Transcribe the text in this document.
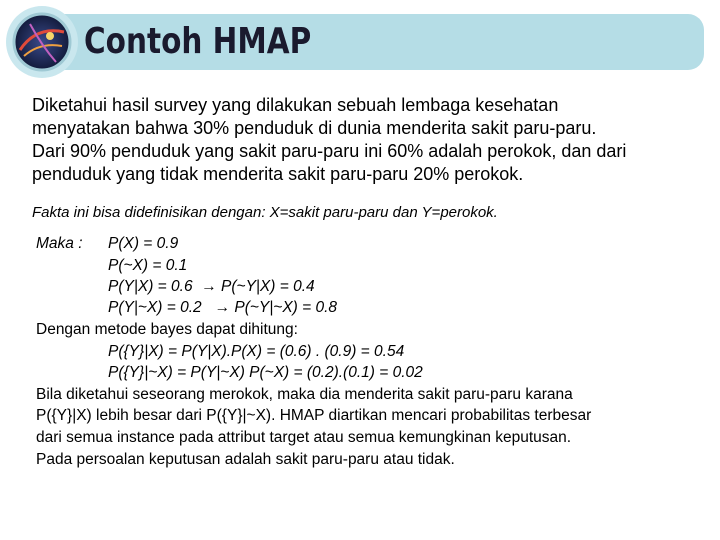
Contoh HMAP

Diketahui hasil survey yang dilakukan sebuah lembaga kesehatan
menyatakan bahwa 30% penduduk di dunia menderita sakit paru-paru.
Dari 90% penduduk yang sakit paru-paru ini 60% adalah perokok, dan dari
penduduk yang tidak menderita sakit paru-paru 20% perokok.

Fakta ini bisa didefinisikan dengan: X=sakit paru-paru dan Y=perokok.
Maka : P(X) = 0.9
P(~X) = 0.1
P(Y|X) = 0.6 → P(~Y|X) = 0.4
P(Y|~X) = 0.2 → P(~Y|~X) = 0.8
Dengan metode bayes dapat dihitung:
P({Y}|X) = P(Y|X).P(X) = (0.6) . (0.9) = 0.54
P({Y}|~X) = P(Y|~X) P(~X) = (0.2).(0.1) = 0.02
Bila diketahui seseorang merokok, maka dia menderita sakit paru-paru karana
P({Y}|X) lebih besar dari P({Y}|~X). HMAP diartikan mencari probabilitas terbesar
dari semua instance pada attribut target atau semua kemungkinan keputusan.
Pada persoalan keputusan adalah sakit paru-paru atau tidak.
